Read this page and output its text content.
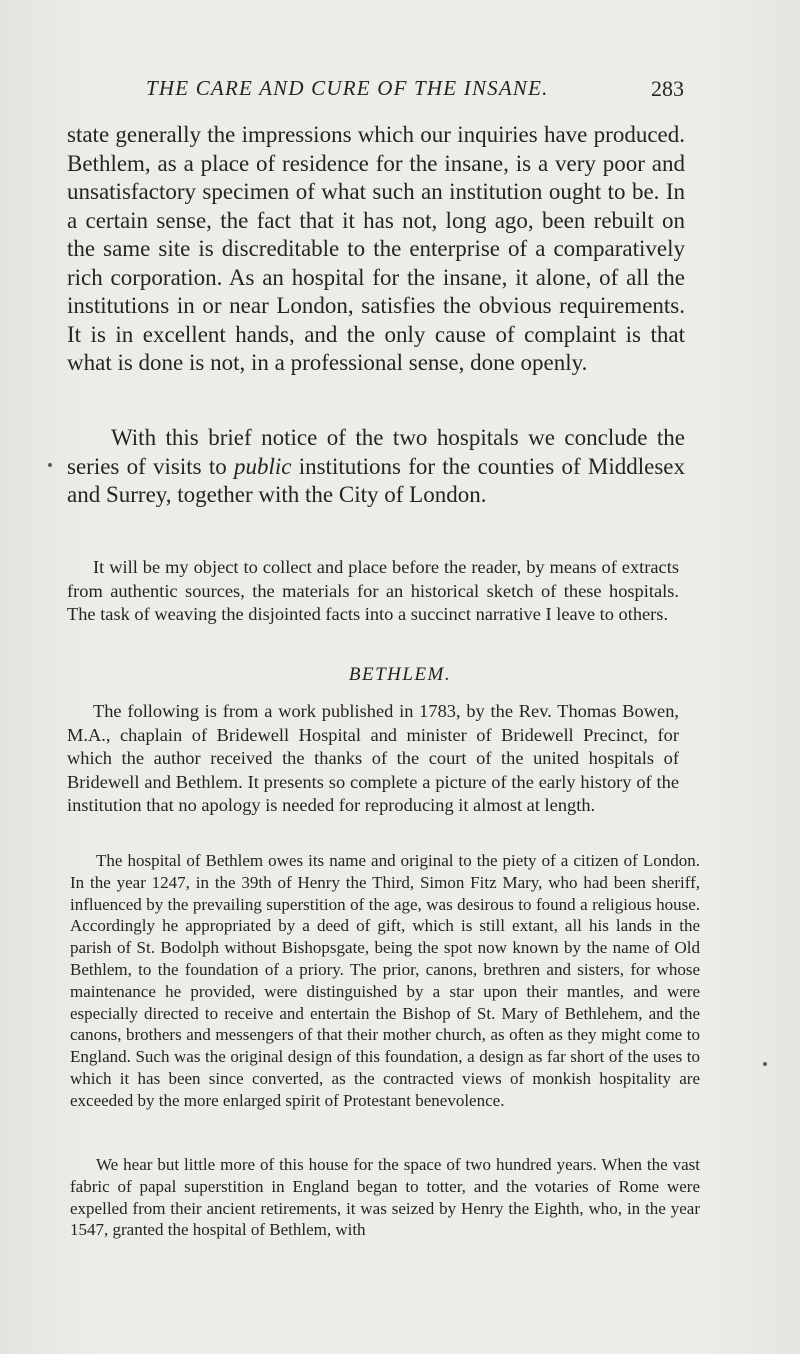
THE CARE AND CURE OF THE INSANE.	283

state generally the impressions which our inquiries have produced. Bethlem, as a place of residence for the insane, is a very poor and unsatisfactory specimen of what such an institution ought to be. In a certain sense, the fact that it has not, long ago, been rebuilt on the same site is discreditable to the enterprise of a comparatively rich corporation. As an hospital for the insane, it alone, of all the institutions in or near London, satisfies the obvious requirements. It is in excellent hands, and the only cause of complaint is that what is done is not, in a professional sense, done openly.

With this brief notice of the two hospitals we conclude the series of visits to public institutions for the counties of Middlesex and Surrey, together with the City of London.

It will be my object to collect and place before the reader, by means of extracts from authentic sources, the materials for an historical sketch of these hospitals. The task of weaving the disjointed facts into a succinct narrative I leave to others.

BETHLEM.

The following is from a work published in 1783, by the Rev. Thomas Bowen, M.A., chaplain of Bridewell Hospital and minister of Bridewell Precinct, for which the author received the thanks of the court of the united hospitals of Bridewell and Bethlem. It presents so complete a picture of the early history of the institution that no apology is needed for reproducing it almost at length.

The hospital of Bethlem owes its name and original to the piety of a citizen of London. In the year 1247, in the 39th of Henry the Third, Simon Fitz Mary, who had been sheriff, influenced by the prevailing superstition of the age, was desirous to found a religious house. Accordingly he appropriated by a deed of gift, which is still extant, all his lands in the parish of St. Bodolph without Bishopsgate, being the spot now known by the name of Old Bethlem, to the foundation of a priory. The prior, canons, brethren and sisters, for whose maintenance he provided, were distinguished by a star upon their mantles, and were especially directed to receive and entertain the Bishop of St. Mary of Bethlehem, and the canons, brothers and messengers of that their mother church, as often as they might come to England. Such was the original design of this foundation, a design as far short of the uses to which it has been since converted, as the contracted views of monkish hospitality are exceeded by the more enlarged spirit of Protestant benevolence.

We hear but little more of this house for the space of two hundred years. When the vast fabric of papal superstition in England began to totter, and the votaries of Rome were expelled from their ancient retirements, it was seized by Henry the Eighth, who, in the year 1547, granted the hospital of Bethlem, with
